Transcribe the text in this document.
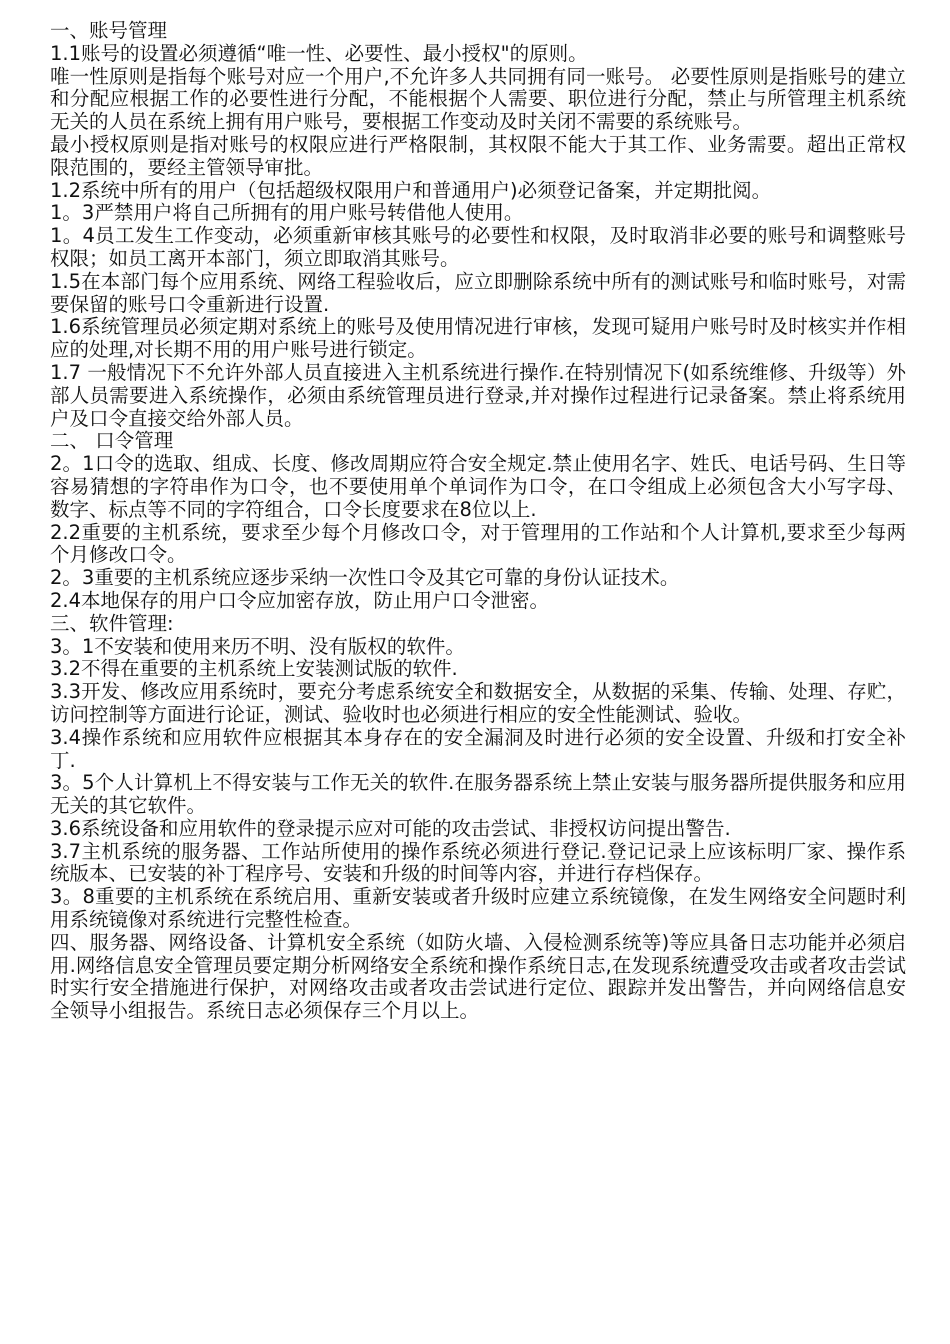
一、账号管理

1.1账号的设置必须遵循“唯一性、必要性、最小授权"的原则。

唯一性原则是指每个账号对应一个用户,不允许多人共同拥有同一账号。 必要性原则是指账号的建立和分配应根据工作的必要性进行分配，不能根据个人需要、职位进行分配，禁止与所管理主机系统无关的人员在系统上拥有用户账号，要根据工作变动及时关闭不需要的系统账号。

最小授权原则是指对账号的权限应进行严格限制，其权限不能大于其工作、业务需要。超出正常权限范围的，要经主管领导审批。

1.2系统中所有的用户（包括超级权限用户和普通用户)必须登记备案，并定期批阅。

1。3严禁用户将自己所拥有的用户账号转借他人使用。

1。4员工发生工作变动，必须重新审核其账号的必要性和权限，及时取消非必要的账号和调整账号权限；如员工离开本部门，须立即取消其账号。

1.5在本部门每个应用系统、网络工程验收后，应立即删除系统中所有的测试账号和临时账号，对需要保留的账号口令重新进行设置.

1.6系统管理员必须定期对系统上的账号及使用情况进行审核，发现可疑用户账号时及时核实并作相应的处理,对长期不用的用户账号进行锁定。

1.7 一般情况下不允许外部人员直接进入主机系统进行操作.在特别情况下(如系统维修、升级等）外部人员需要进入系统操作，必须由系统管理员进行登录,并对操作过程进行记录备案。禁止将系统用户及口令直接交给外部人员。

二、 口令管理

2。1口令的选取、组成、长度、修改周期应符合安全规定.禁止使用名字、姓氏、电话号码、生日等容易猜想的字符串作为口令，也不要使用单个单词作为口令，在口令组成上必须包含大小写字母、数字、标点等不同的字符组合，口令长度要求在8位以上.

2.2重要的主机系统，要求至少每个月修改口令，对于管理用的工作站和个人计算机,要求至少每两个月修改口令。

2。3重要的主机系统应逐步采纳一次性口令及其它可靠的身份认证技术。

2.4本地保存的用户口令应加密存放，防止用户口令泄密。

三、软件管理:

3。1不安装和使用来历不明、没有版权的软件。

3.2不得在重要的主机系统上安装测试版的软件.

3.3开发、修改应用系统时，要充分考虑系统安全和数据安全，从数据的采集、传输、处理、存贮，访问控制等方面进行论证，测试、验收时也必须进行相应的安全性能测试、验收。

3.4操作系统和应用软件应根据其本身存在的安全漏洞及时进行必须的安全设置、升级和打安全补丁.

3。5个人计算机上不得安装与工作无关的软件.在服务器系统上禁止安装与服务器所提供服务和应用无关的其它软件。

3.6系统设备和应用软件的登录提示应对可能的攻击尝试、非授权访问提出警告.

3.7主机系统的服务器、工作站所使用的操作系统必须进行登记.登记记录上应该标明厂家、操作系统版本、已安装的补丁程序号、安装和升级的时间等内容，并进行存档保存。

3。8重要的主机系统在系统启用、重新安装或者升级时应建立系统镜像，在发生网络安全问题时利用系统镜像对系统进行完整性检查。

四、服务器、网络设备、计算机安全系统（如防火墙、入侵检测系统等)等应具备日志功能并必须启用.网络信息安全管理员要定期分析网络安全系统和操作系统日志,在发现系统遭受攻击或者攻击尝试时实行安全措施进行保护，对网络攻击或者攻击尝试进行定位、跟踪并发出警告，并向网络信息安全领导小组报告。系统日志必须保存三个月以上。
